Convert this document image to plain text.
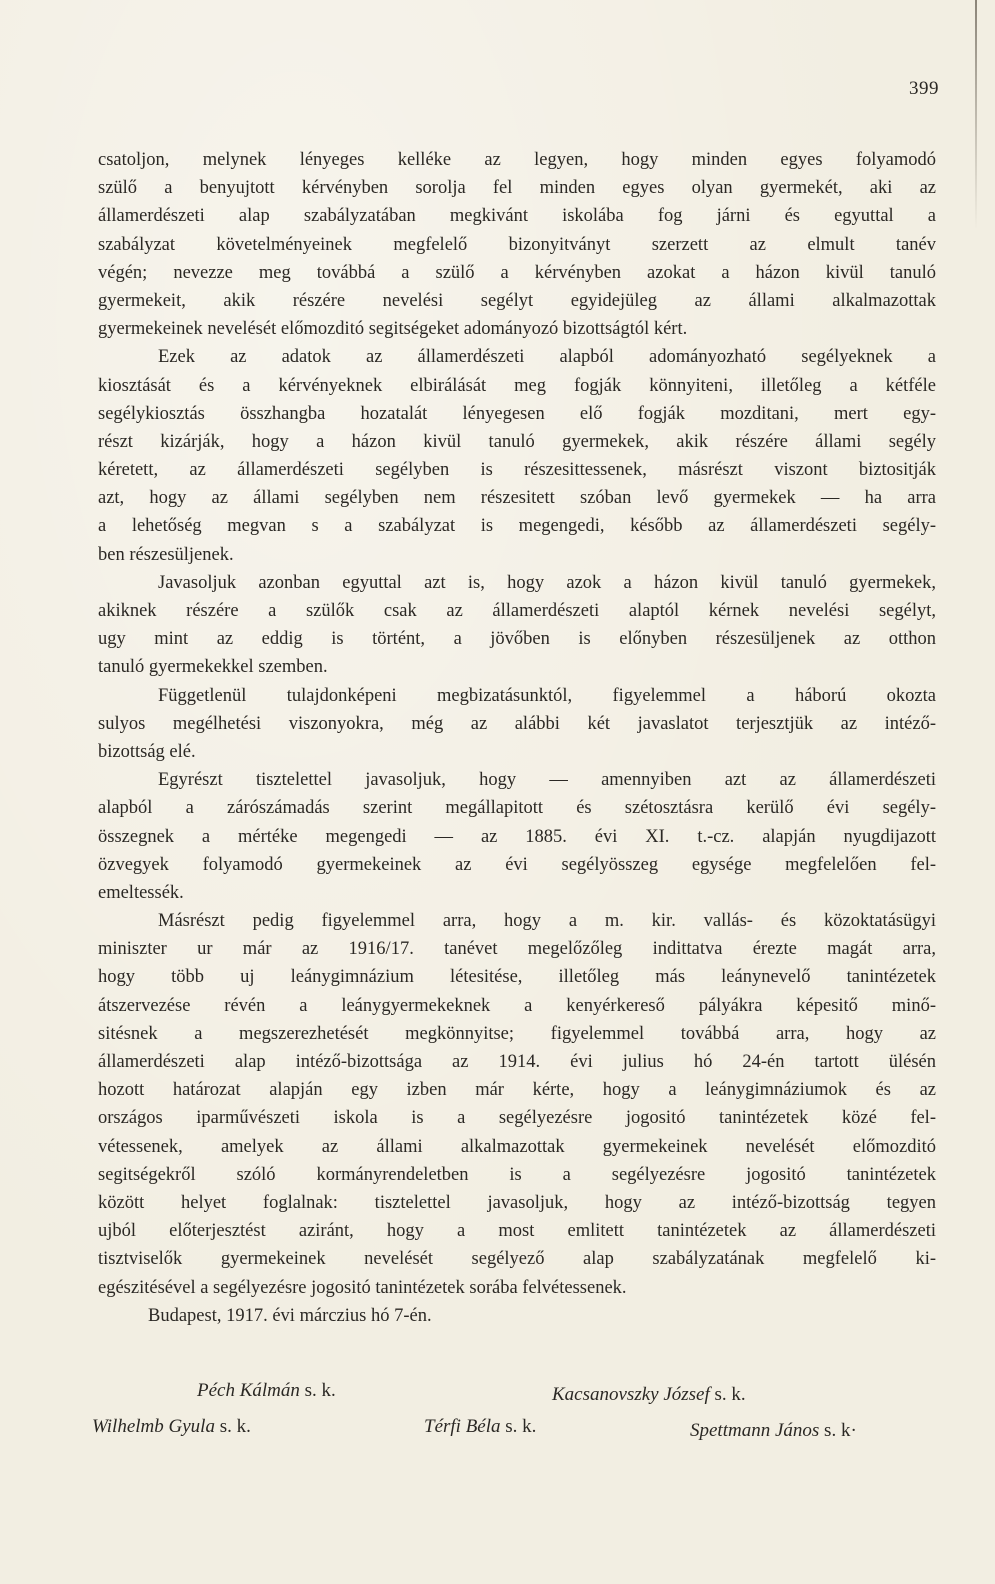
399
csatoljon, melynek lényeges kelléke az legyen, hogy minden egyes folyamodó
szülő a benyujtott kérvényben sorolja fel minden egyes olyan gyermekét, aki az
államerdészeti alap szabályzatában megkivánt iskolába fog járni és egyuttal a
szabályzat követelményeinek megfelelő bizonyitványt szerzett az elmult tanév
végén; nevezze meg továbbá a szülő a kérvényben azokat a házon kivül tanuló
gyermekeit, akik részére nevelési segélyt egyidejüleg az állami alkalmazottak
gyermekeinek nevelését előmozditó segitségeket adományozó bizottságtól kért.
Ezek az adatok az államerdészeti alapból adományozható segélyeknek a
kiosztását és a kérvényeknek elbirálását meg fogják könnyiteni, illetőleg a kétféle
segélykiosztás összhangba hozatalát lényegesen elő fogják mozditani, mert egy-
részt kizárják, hogy a házon kivül tanuló gyermekek, akik részére állami segély
kéretett, az államerdészeti segélyben is részesittessenek, másrészt viszont biztositják
azt, hogy az állami segélyben nem részesitett szóban levő gyermekek — ha arra
a lehetőség megvan s a szabályzat is megengedi, később az államerdészeti segély-
ben részesüljenek.
Javasoljuk azonban egyuttal azt is, hogy azok a házon kivül tanuló gyermekek,
akiknek részére a szülők csak az államerdészeti alaptól kérnek nevelési segélyt,
ugy mint az eddig is történt, a jövőben is előnyben részesüljenek az otthon
tanuló gyermekekkel szemben.
Függetlenül tulajdonképeni megbizatásunktól, figyelemmel a háború okozta
sulyos megélhetési viszonyokra, még az alábbi két javaslatot terjesztjük az intéző-
bizottság elé.
Egyrészt tisztelettel javasoljuk, hogy — amennyiben azt az államerdészeti
alapból a zárószámadás szerint megállapitott és szétosztásra kerülő évi segély-
összegnek a mértéke megengedi — az 1885. évi XI. t.-cz. alapján nyugdijazott
özvegyek folyamodó gyermekeinek az évi segélyösszeg egysége megfelelően fel-
emeltessék.
Másrészt pedig figyelemmel arra, hogy a m. kir. vallás- és közoktatásügyi
miniszter ur már az 1916/17. tanévet megelőzőleg indittatva érezte magát arra,
hogy több uj leánygimnázium létesitése, illetőleg más leánynevelő tanintézetek
átszervezése révén a leánygyermekeknek a kenyérkereső pályákra képesitő minő-
sitésnek a megszerezhetését megkönnyitse; figyelemmel továbbá arra, hogy az
államerdészeti alap intéző-bizottsága az 1914. évi julius hó 24-én tartott ülésén
hozott határozat alapján egy izben már kérte, hogy a leánygimnáziumok és az
országos iparművészeti iskola is a segélyezésre jogositó tanintézetek közé fel-
vétessenek, amelyek az állami alkalmazottak gyermekeinek nevelését előmozditó
segitségekről szóló kormányrendeletben is a segélyezésre jogositó tanintézetek
között helyet foglalnak: tisztelettel javasoljuk, hogy az intéző-bizottság tegyen
ujból előterjesztést aziránt, hogy a most emlitett tanintézetek az államerdészeti
tisztviselők gyermekeinek nevelését segélyező alap szabályzatának megfelelő ki-
egészitésével a segélyezésre jogositó tanintézetek sorába felvétessenek.
Budapest, 1917. évi márczius hó 7-én.
Péch Kálmán s. k.	Kacsanovszky József s. k.
Wilhelmb Gyula s. k.	Térfi Béla s. k.	Spettmann János s. k·
